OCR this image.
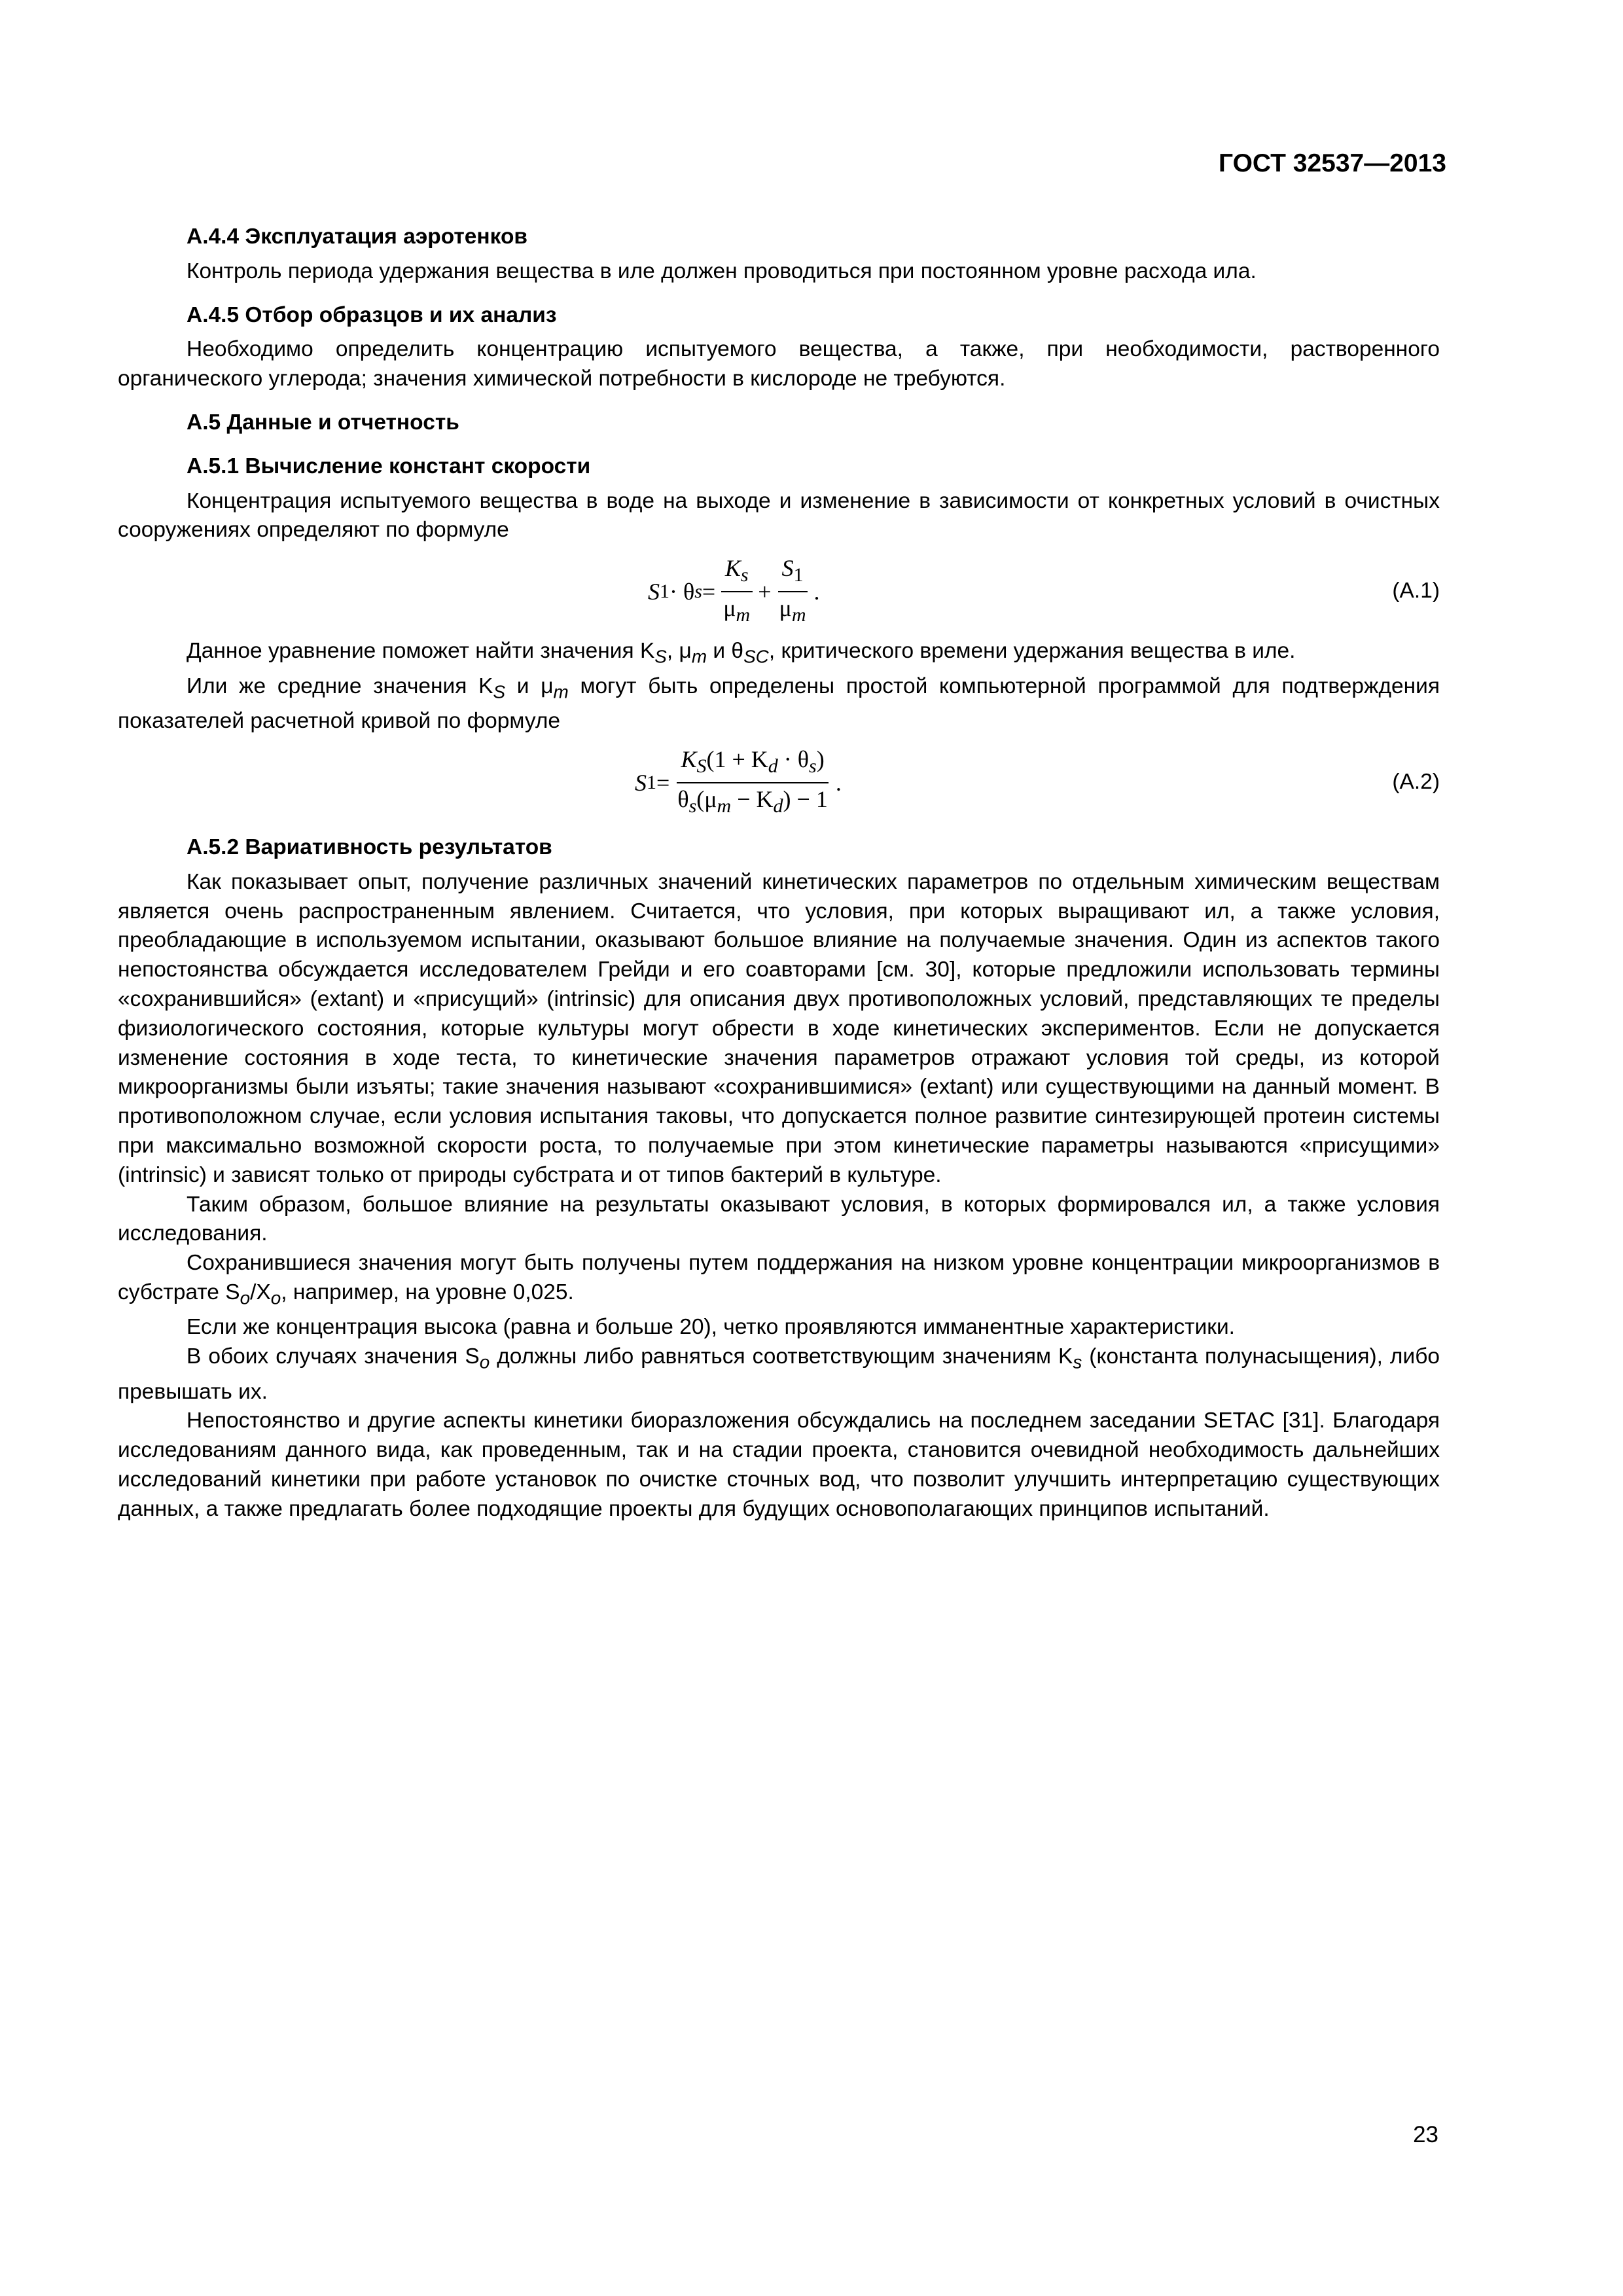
ГОСТ 32537—2013
А.4.4 Эксплуатация аэротенков

Контроль периода удержания вещества в иле должен проводиться при постоянном уровне расхода ила.

А.4.5 Отбор образцов и их анализ

Необходимо определить концентрацию испытуемого вещества, а также, при необходимости, растворенного органического углерода; значения химической потребности в кислороде не требуются.

А.5 Данные и отчетность
А.5.1 Вычисление констант скорости

Концентрация испытуемого вещества в воде на выходе и изменение в зависимости от конкретных условий в очистных сооружениях определяют по формуле

S 1 · θ $s = \frac{K_s}{\mu_m} + \frac{S_1}{\mu_m}$ .	(А.1)

Данное уравнение поможет найти значения $K_S$, $\mu_m$ и $\theta_{SC}$, критического времени удержания вещества в иле.

Или же средние значения $K_S$ и $\mu_m$ могут быть определены простой компьютерной программой для подтверждения показателей расчетной кривой по формуле

S $1 = \frac{K_S(1 + K_d \cdot \theta_s)}{\theta_s(\mu_m - K_d) - 1}$ .	(А.2)
А.5.2 Вариативность результатов

Как показывает опыт, получение различных значений кинетических параметров по отдельным химическим веществам является очень распространенным явлением. Считается, что условия, при которых выращивают ил, а также условия, преобладающие в используемом испытании, оказывают большое влияние на получаемые значения. Один из аспектов такого непостоянства обсуждается исследователем Грейди и его соавторами [см. 30], которые предложили использовать термины «сохранившийся» (extant) и «присущий» (intrinsic) для описания двух противоположных условий, представляющих те пределы физиологического состояния, которые культуры могут обрести в ходе кинетических экспериментов. Если не допускается изменение состояния в ходе теста, то кинетические значения параметров отражают условия той среды, из которой микроорганизмы были изъяты; такие значения называют «сохранившимися» (extant) или существующими на данный момент. В противоположном случае, если условия испытания таковы, что допускается полное развитие синтезирующей протеин системы при максимально возможной скорости роста, то получаемые при этом кинетические параметры называются «присущими» (intrinsic) и зависят только от природы субстрата и от типов бактерий в культуре.

Таким образом, большое влияние на результаты оказывают условия, в которых формировался ил, а также условия исследования.

Сохранившиеся значения могут быть получены путем поддержания на низком уровне концентрации микроорганизмов в субстрате $S_o/X_o$, например, на уровне 0,025.

Если же концентрация высока (равна и больше 20), четко проявляются имманентные характеристики.

В обоих случаях значения $S_o$ должны либо равняться соответствующим значениям $K_s$ (константа полунасыщения), либо превышать их.

Непостоянство и другие аспекты кинетики биоразложения обсуждались на последнем заседании SETAC [31]. Благодаря исследованиям данного вида, как проведенным, так и на стадии проекта, становится очевидной необходимость дальнейших исследований кинетики при работе установок по очистке сточных вод, что позволит улучшить интерпретацию существующих данных, а также предлагать более подходящие проекты для будущих основополагающих принципов испытаний.

23
